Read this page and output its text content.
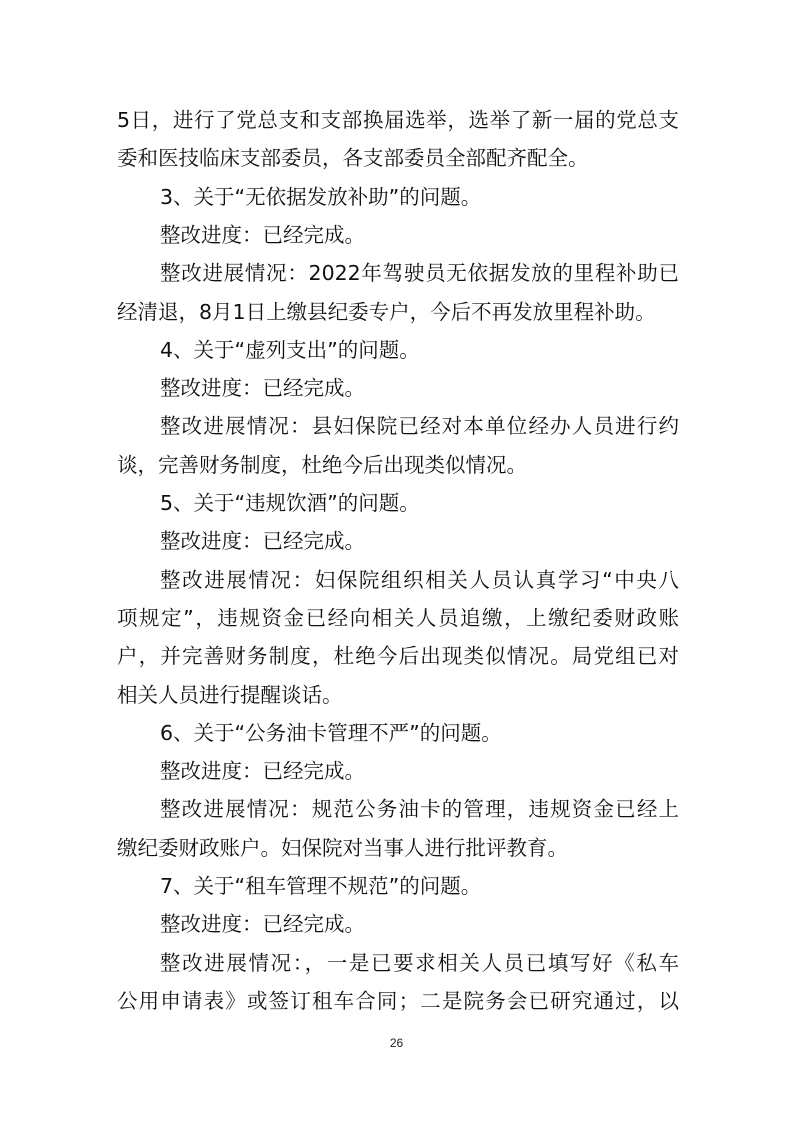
5日，进行了党总支和支部换届选举，选举了新一届的党总支
委和医技临床支部委员，各支部委员全部配齐配全。
3、关于“无依据发放补助”的问题。
整改进度：已经完成。
整改进展情况：2022年驾驶员无依据发放的里程补助已
经清退，8月1日上缴县纪委专户，今后不再发放里程补助。
4、关于“虚列支出”的问题。
整改进度：已经完成。
整改进展情况：县妇保院已经对本单位经办人员进行约
谈，完善财务制度，杜绝今后出现类似情况。
5、关于“违规饮酒”的问题。
整改进度：已经完成。
整改进展情况：妇保院组织相关人员认真学习“中央八
项规定”，违规资金已经向相关人员追缴，上缴纪委财政账
户，并完善财务制度，杜绝今后出现类似情况。局党组已对
相关人员进行提醒谈话。
6、关于“公务油卡管理不严”的问题。
整改进度：已经完成。
整改进展情况：规范公务油卡的管理，违规资金已经上
缴纪委财政账户。妇保院对当事人进行批评教育。
7、关于“租车管理不规范”的问题。
整改进度：已经完成。
整改进展情况：，一是已要求相关人员已填写好《私车
公用申请表》或签订租车合同；二是院务会已研究通过，以
26
